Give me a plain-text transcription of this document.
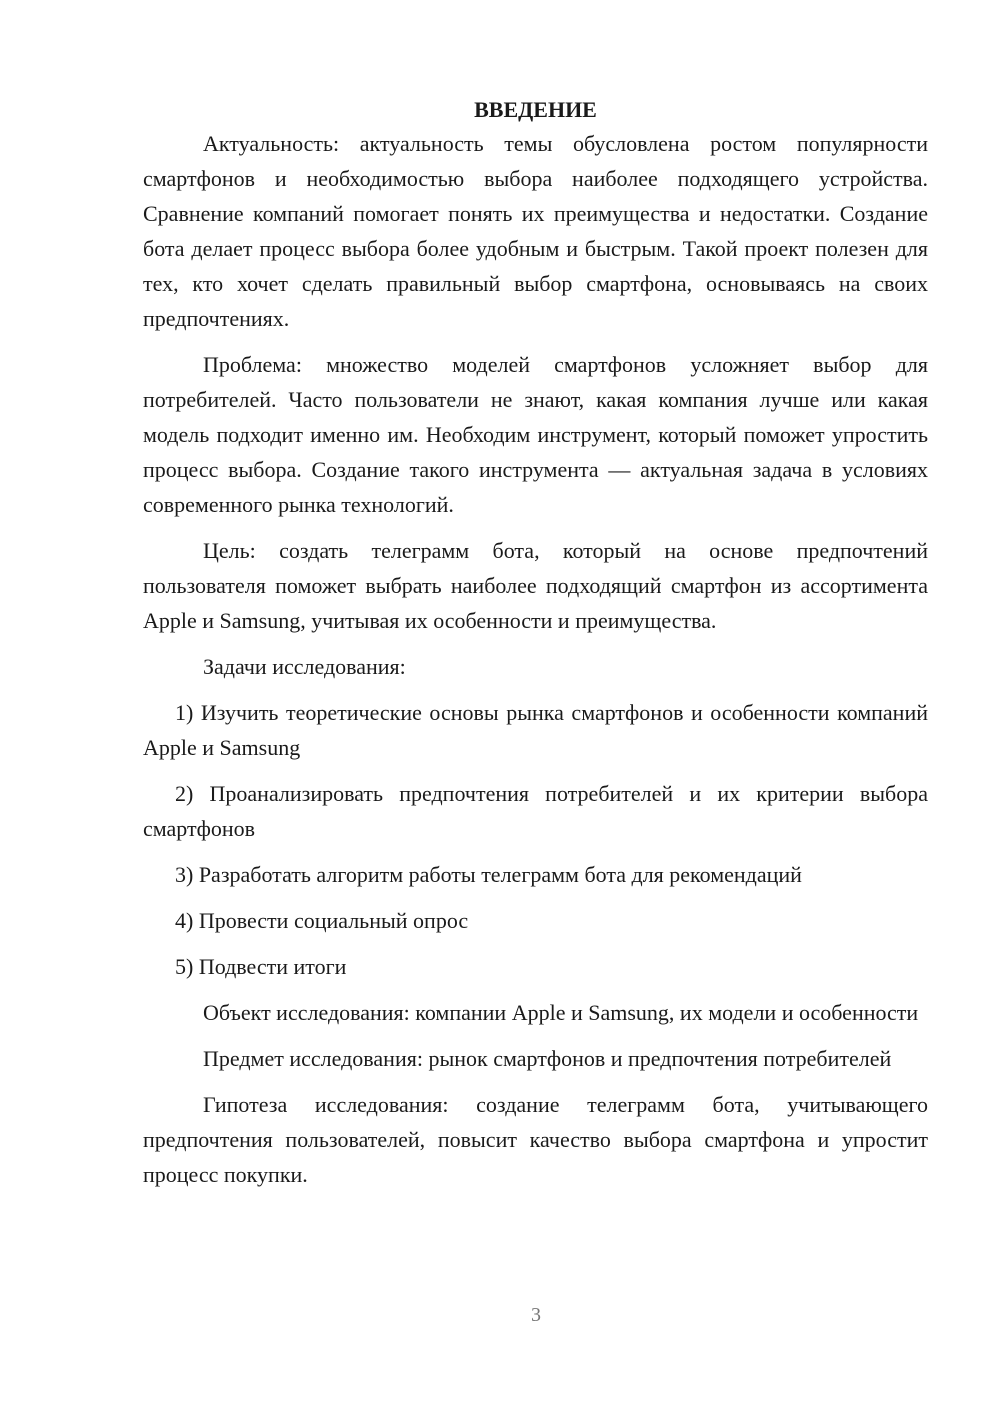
ВВЕДЕНИЕ

Актуальность: актуальность темы обусловлена ростом популярности смартфонов и необходимостью выбора наиболее подходящего устройства. Сравнение компаний помогает понять их преимущества и недостатки. Создание бота делает процесс выбора более удобным и быстрым. Такой проект полезен для тех, кто хочет сделать правильный выбор смартфона, основываясь на своих предпочтениях.

Проблема: множество моделей смартфонов усложняет выбор для потребителей. Часто пользователи не знают, какая компания лучше или какая модель подходит именно им. Необходим инструмент, который поможет упростить процесс выбора. Создание такого инструмента — актуальная задача в условиях современного рынка технологий.

Цель: создать телеграмм бота, который на основе предпочтений пользователя поможет выбрать наиболее подходящий смартфон из ассортимента Apple и Samsung, учитывая их особенности и преимущества.

Задачи исследования:

1) Изучить теоретические основы рынка смартфонов и особенности компаний Apple и Samsung

2) Проанализировать предпочтения потребителей и их критерии выбора смартфонов

3) Разработать алгоритм работы телеграмм бота для рекомендаций

4) Провести социальный опрос

5) Подвести итоги

Объект исследования: компании Apple и Samsung, их модели и особенности

Предмет исследования: рынок смартфонов и предпочтения потребителей

Гипотеза исследования: создание телеграмм бота, учитывающего предпочтения пользователей, повысит качество выбора смартфона и упростит процесс покупки.

3
